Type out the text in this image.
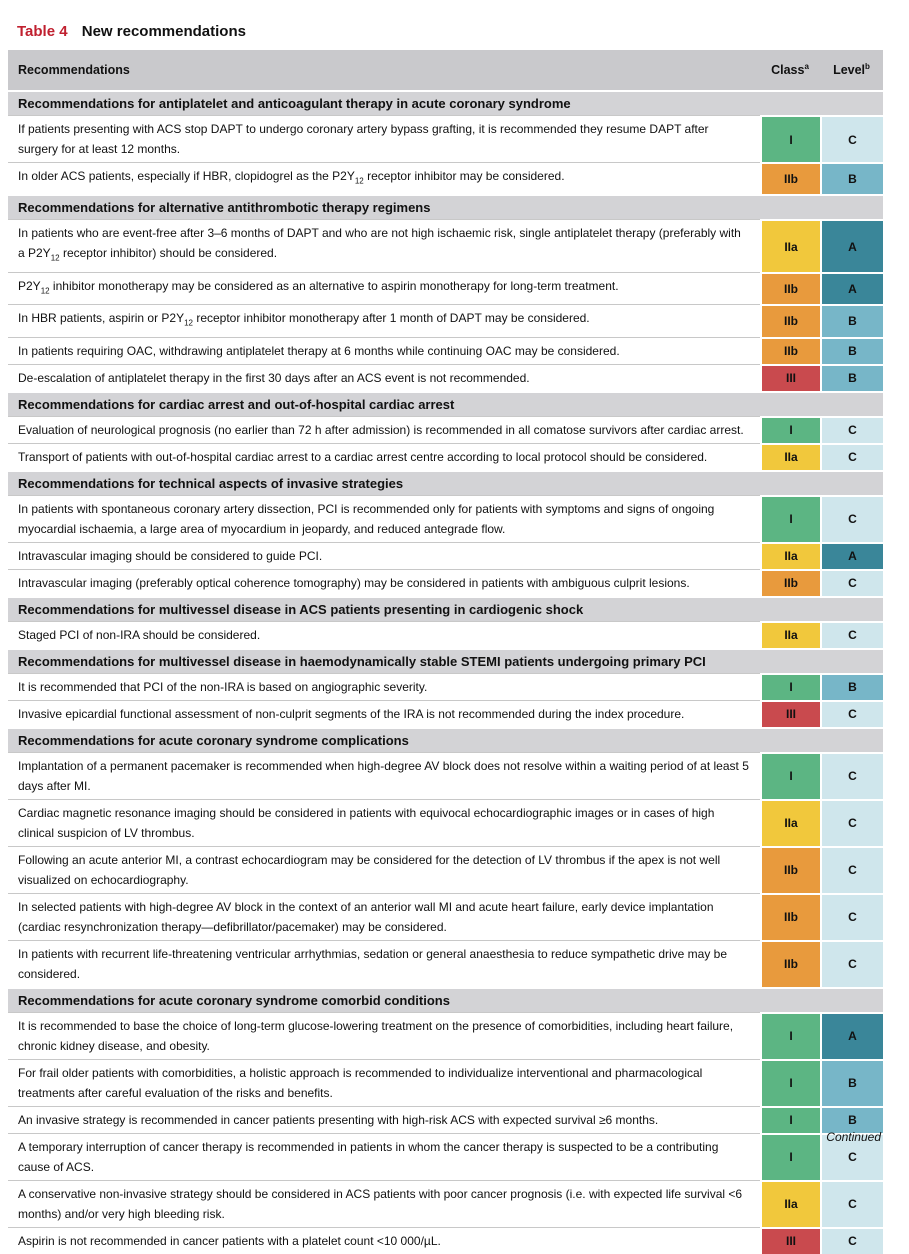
Table 4 New recommendations
Recommendations	Class$^a$	Level$^b$
Recommendations for antiplatelet and anticoagulant therapy in acute coronary syndrome		
If patients presenting with ACS stop DAPT to undergo coronary artery bypass grafting, it is recommended they resume DAPT after surgery for at least 12 months.	I	C
In older ACS patients, especially if HBR, clopidogrel as the $P2Y_{12}$ receptor inhibitor may be considered.	IIb	B
Recommendations for alternative antithrombotic therapy regimens		
In patients who are event-free after 3–6 months of DAPT and who are not high ischaemic risk, single antiplatelet therapy (preferably with a $P2Y_{12}$ receptor inhibitor) should be considered.	IIa	A
$P2Y_{12}$ inhibitor monotherapy may be considered as an alternative to aspirin monotherapy for long-term treatment.	IIb	A
In HBR patients, aspirin or $P2Y_{12}$ receptor inhibitor monotherapy after 1 month of DAPT may be considered.	IIb	B
In patients requiring OAC, withdrawing antiplatelet therapy at 6 months while continuing OAC may be considered.	IIb	B
De-escalation of antiplatelet therapy in the first 30 days after an ACS event is not recommended.	III	B
Recommendations for cardiac arrest and out-of-hospital cardiac arrest		
Evaluation of neurological prognosis (no earlier than 72 h after admission) is recommended in all comatose survivors after cardiac arrest.	I	C
Transport of patients with out-of-hospital cardiac arrest to a cardiac arrest centre according to local protocol should be considered.	IIa	C
Recommendations for technical aspects of invasive strategies		
In patients with spontaneous coronary artery dissection, PCI is recommended only for patients with symptoms and signs of ongoing myocardial ischaemia, a large area of myocardium in jeopardy, and reduced antegrade flow.	I	C
Intravascular imaging should be considered to guide PCI.	IIa	A
Intravascular imaging (preferably optical coherence tomography) may be considered in patients with ambiguous culprit lesions.	IIb	C
Recommendations for multivessel disease in ACS patients presenting in cardiogenic shock		
Staged PCI of non-IRA should be considered.	IIa	C
Recommendations for multivessel disease in haemodynamically stable STEMI patients undergoing primary PCI		
It is recommended that PCI of the non-IRA is based on angiographic severity.	I	B
Invasive epicardial functional assessment of non-culprit segments of the IRA is not recommended during the index procedure.	III	C
Recommendations for acute coronary syndrome complications		
Implantation of a permanent pacemaker is recommended when high-degree AV block does not resolve within a waiting period of at least 5 days after MI.	I	C
Cardiac magnetic resonance imaging should be considered in patients with equivocal echocardiographic images or in cases of high clinical suspicion of LV thrombus.	IIa	C
Following an acute anterior MI, a contrast echocardiogram may be considered for the detection of LV thrombus if the apex is not well visualized on echocardiography.	IIb	C
In selected patients with high-degree AV block in the context of an anterior wall MI and acute heart failure, early device implantation (cardiac resynchronization therapy—defibrillator/pacemaker) may be considered.	IIb	C
In patients with recurrent life-threatening ventricular arrhythmias, sedation or general anaesthesia to reduce sympathetic drive may be considered.	IIb	C
Recommendations for acute coronary syndrome comorbid conditions		
It is recommended to base the choice of long-term glucose-lowering treatment on the presence of comorbidities, including heart failure, chronic kidney disease, and obesity.	I	A
For frail older patients with comorbidities, a holistic approach is recommended to individualize interventional and pharmacological treatments after careful evaluation of the risks and benefits.	I	B
An invasive strategy is recommended in cancer patients presenting with high-risk ACS with expected survival ≥6 months.	I	B
A temporary interruption of cancer therapy is recommended in patients in whom the cancer therapy is suspected to be a contributing cause of ACS.	I	C
A conservative non-invasive strategy should be considered in ACS patients with poor cancer prognosis (i.e. with expected life survival <6 months) and/or very high bleeding risk.	IIa	C
Aspirin is not recommended in cancer patients with a platelet count <10 000/µL.	III	C
Continued
